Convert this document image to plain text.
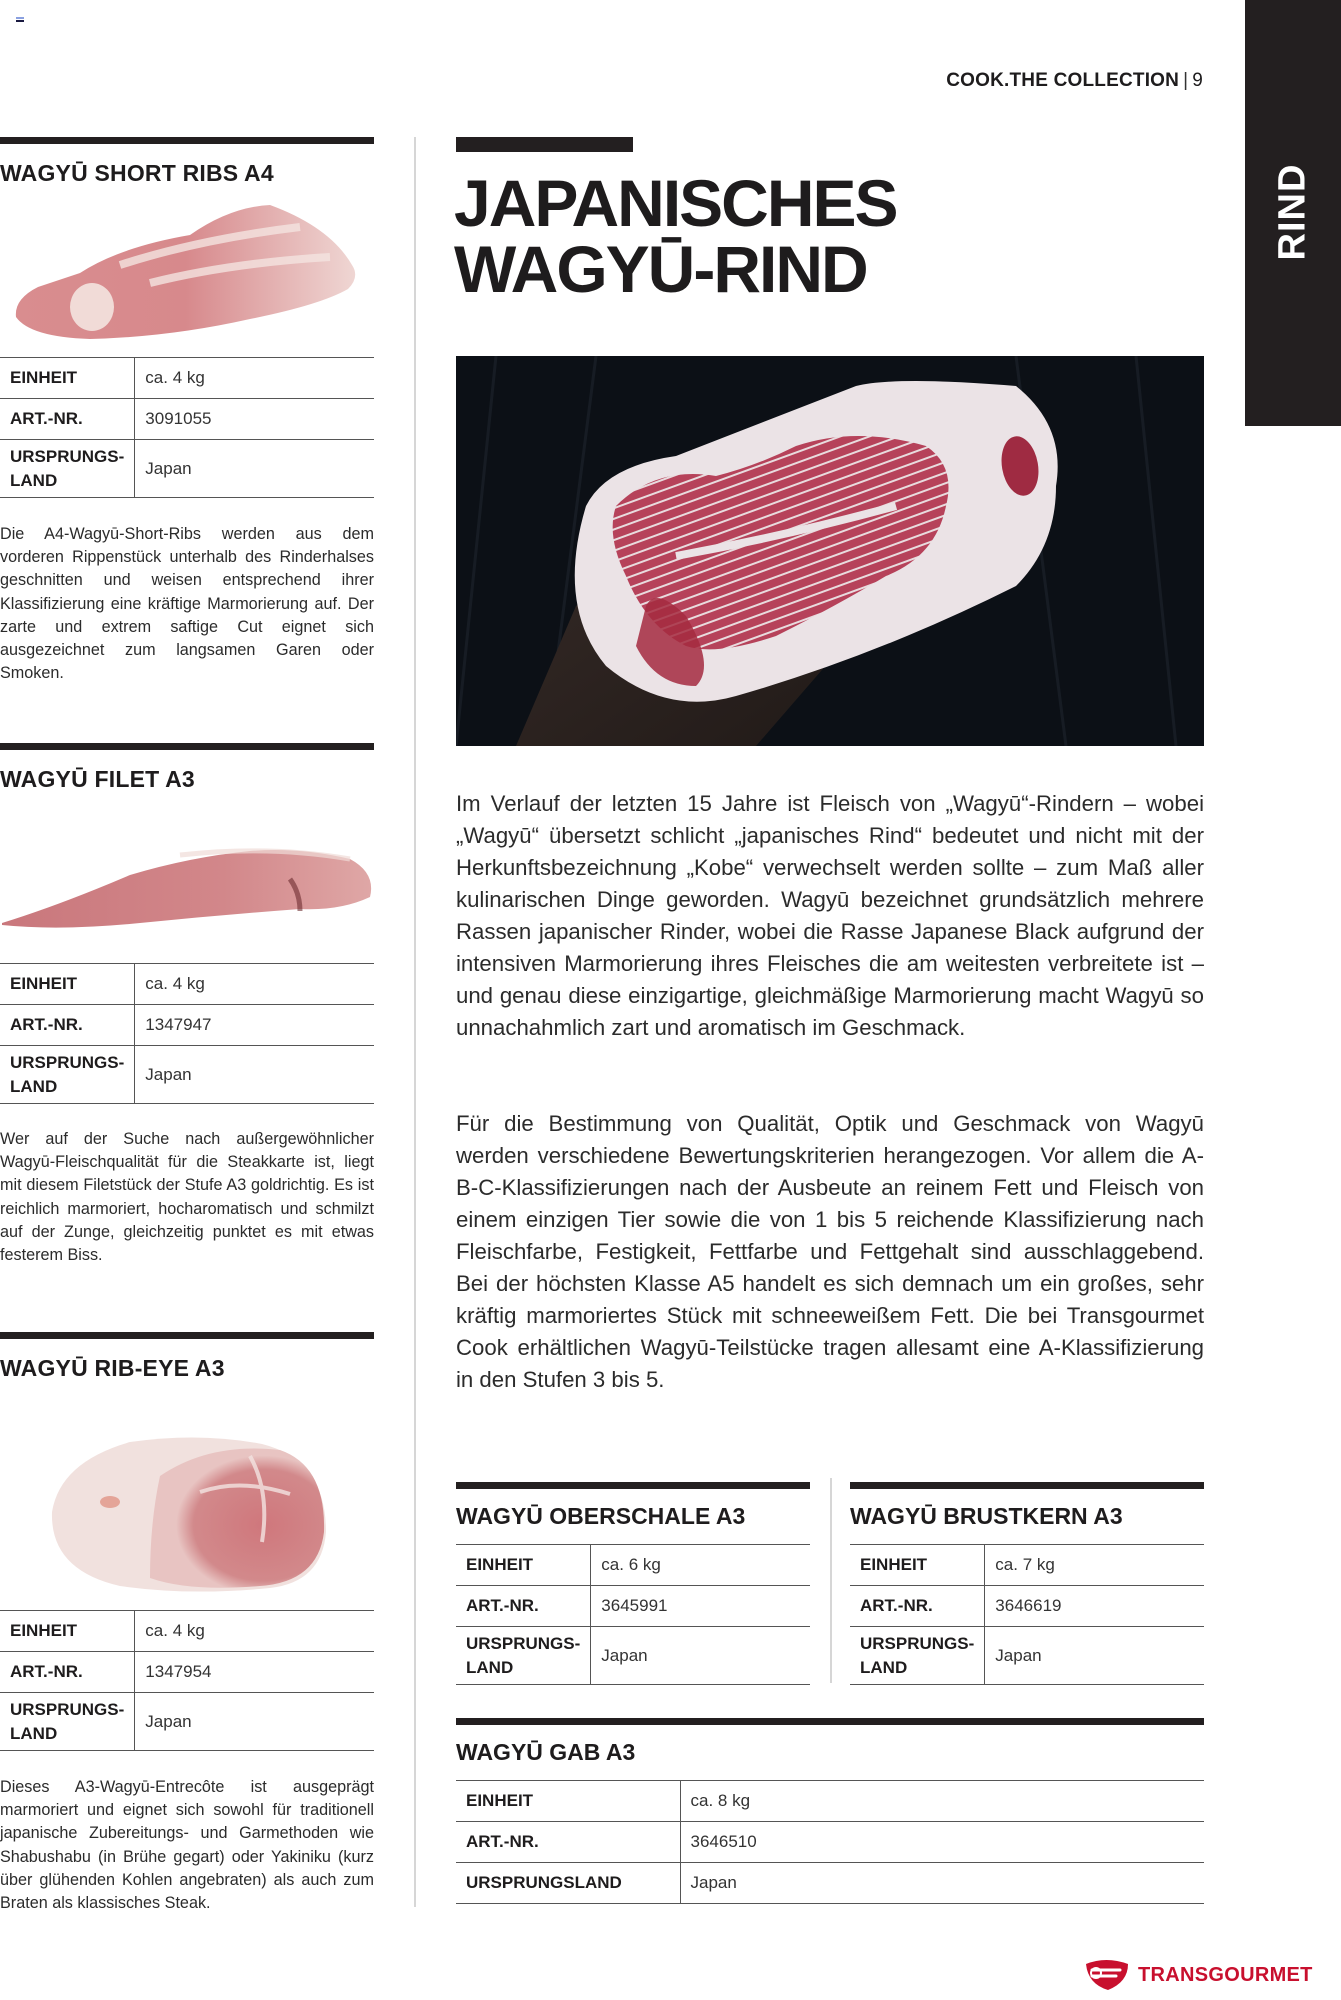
COOK.THE COLLECTION | 9
RIND
WAGYŪ SHORT RIBS A4
EINHEIT	ca. 4 kg
ART.-NR.	3091055
URSPRUNGS-
LAND	Japan

Die A4-Wagyū-Short-Ribs werden aus dem vorderen Rippenstück unterhalb des Rinderhalses geschnitten und weisen entsprechend ihrer Klassifizierung eine kräftige Marmorierung auf. Der zarte und extrem saftige Cut eignet sich ausgezeichnet zum langsamen Garen oder Smoken.

WAGYŪ FILET A3
EINHEIT	ca. 4 kg
ART.-NR.	1347947
URSPRUNGS-
LAND	Japan

Wer auf der Suche nach außergewöhnlicher Wagyū-Fleischqualität für die Steakkarte ist, liegt mit diesem Filetstück der Stufe A3 goldrichtig. Es ist reichlich marmoriert, hocharomatisch und schmilzt auf der Zunge, gleichzeitig punktet es mit etwas festerem Biss.

WAGYŪ RIB-EYE A3
EINHEIT	ca. 4 kg
ART.-NR.	1347954
URSPRUNGS-
LAND	Japan

Dieses A3-Wagyū-Entrecôte ist ausgeprägt marmoriert und eignet sich sowohl für traditionell japanische Zubereitungs- und Garmethoden wie Shabushabu (in Brühe gegart) oder Yakiniku (kurz über glühenden Kohlen angebraten) als auch zum Braten als klassisches Steak.

JAPANISCHES
WAGYŪ-RIND

Im Verlauf der letzten 15 Jahre ist Fleisch von „Wagyū“-Rindern – wobei „Wagyū“ übersetzt schlicht „japanisches Rind“ bedeutet und nicht mit der Herkunftsbezeichnung „Kobe“ verwechselt werden sollte – zum Maß aller kulinarischen Dinge geworden. Wagyū bezeichnet grundsätzlich mehrere Rassen japanischer Rinder, wobei die Rasse Japanese Black aufgrund der intensiven Marmorierung ihres Fleisches die am weitesten verbreitete ist – und genau diese einzigartige, gleichmäßige Marmorierung macht Wagyū so unnachahmlich zart und aromatisch im Geschmack.

Für die Bestimmung von Qualität, Optik und Geschmack von Wagyū werden verschiedene Bewertungskriterien herangezogen. Vor allem die A-B-C-Klassifizierungen nach der Ausbeute an reinem Fett und Fleisch von einem einzigen Tier sowie die von 1 bis 5 reichende Klassifizierung nach Fleischfarbe, Festigkeit, Fettfarbe und Fettgehalt sind ausschlaggebend. Bei der höchsten Klasse A5 handelt es sich demnach um ein großes, sehr kräftig marmoriertes Stück mit schneeweißem Fett. Die bei Transgourmet Cook erhältlichen Wagyū-Teilstücke tragen allesamt eine A-Klassifizierung in den Stufen 3 bis 5.

WAGYŪ OBERSCHALE A3
EINHEIT	ca. 6 kg
ART.-NR.	3645991
URSPRUNGS-
LAND	Japan
WAGYŪ BRUSTKERN A3
EINHEIT	ca. 7 kg
ART.-NR.	3646619
URSPRUNGS-
LAND	Japan
WAGYŪ GAB A3
EINHEIT	ca. 8 kg
ART.-NR.	3646510
URSPRUNGSLAND	Japan
TRANSGOURMET
